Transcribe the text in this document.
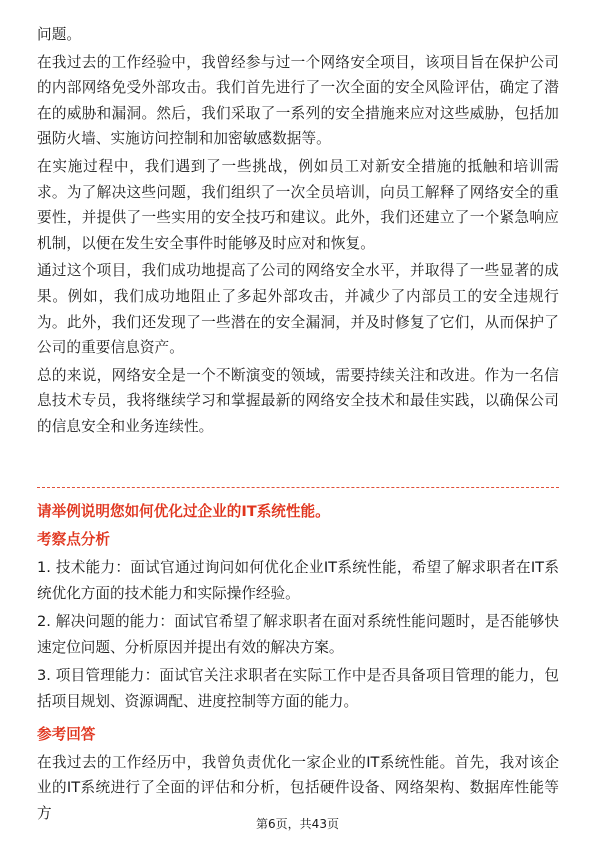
问题。

在我过去的工作经验中，我曾经参与过一个网络安全项目，该项目旨在保护公司的内部网络免受外部攻击。我们首先进行了一次全面的安全风险评估，确定了潜在的威胁和漏洞。然后，我们采取了一系列的安全措施来应对这些威胁，包括加强防火墙、实施访问控制和加密敏感数据等。

在实施过程中，我们遇到了一些挑战，例如员工对新安全措施的抵触和培训需求。为了解决这些问题，我们组织了一次全员培训，向员工解释了网络安全的重要性，并提供了一些实用的安全技巧和建议。此外，我们还建立了一个紧急响应机制，以便在发生安全事件时能够及时应对和恢复。

通过这个项目，我们成功地提高了公司的网络安全水平，并取得了一些显著的成果。例如，我们成功地阻止了多起外部攻击，并减少了内部员工的安全违规行为。此外，我们还发现了一些潜在的安全漏洞，并及时修复了它们，从而保护了公司的重要信息资产。

总的来说，网络安全是一个不断演变的领域，需要持续关注和改进。作为一名信息技术专员，我将继续学习和掌握最新的网络安全技术和最佳实践，以确保公司的信息安全和业务连续性。

请举例说明您如何优化过企业的IT系统性能。

考察点分析

1. 技术能力：面试官通过询问如何优化企业IT系统性能，希望了解求职者在IT系统优化方面的技术能力和实际操作经验。

2. 解决问题的能力：面试官希望了解求职者在面对系统性能问题时，是否能够快速定位问题、分析原因并提出有效的解决方案。

3. 项目管理能力：面试官关注求职者在实际工作中是否具备项目管理的能力，包括项目规划、资源调配、进度控制等方面的能力。

参考回答

在我过去的工作经历中，我曾负责优化一家企业的IT系统性能。首先，我对该企业的IT系统进行了全面的评估和分析，包括硬件设备、网络架构、数据库性能等方

第6页，共43页
